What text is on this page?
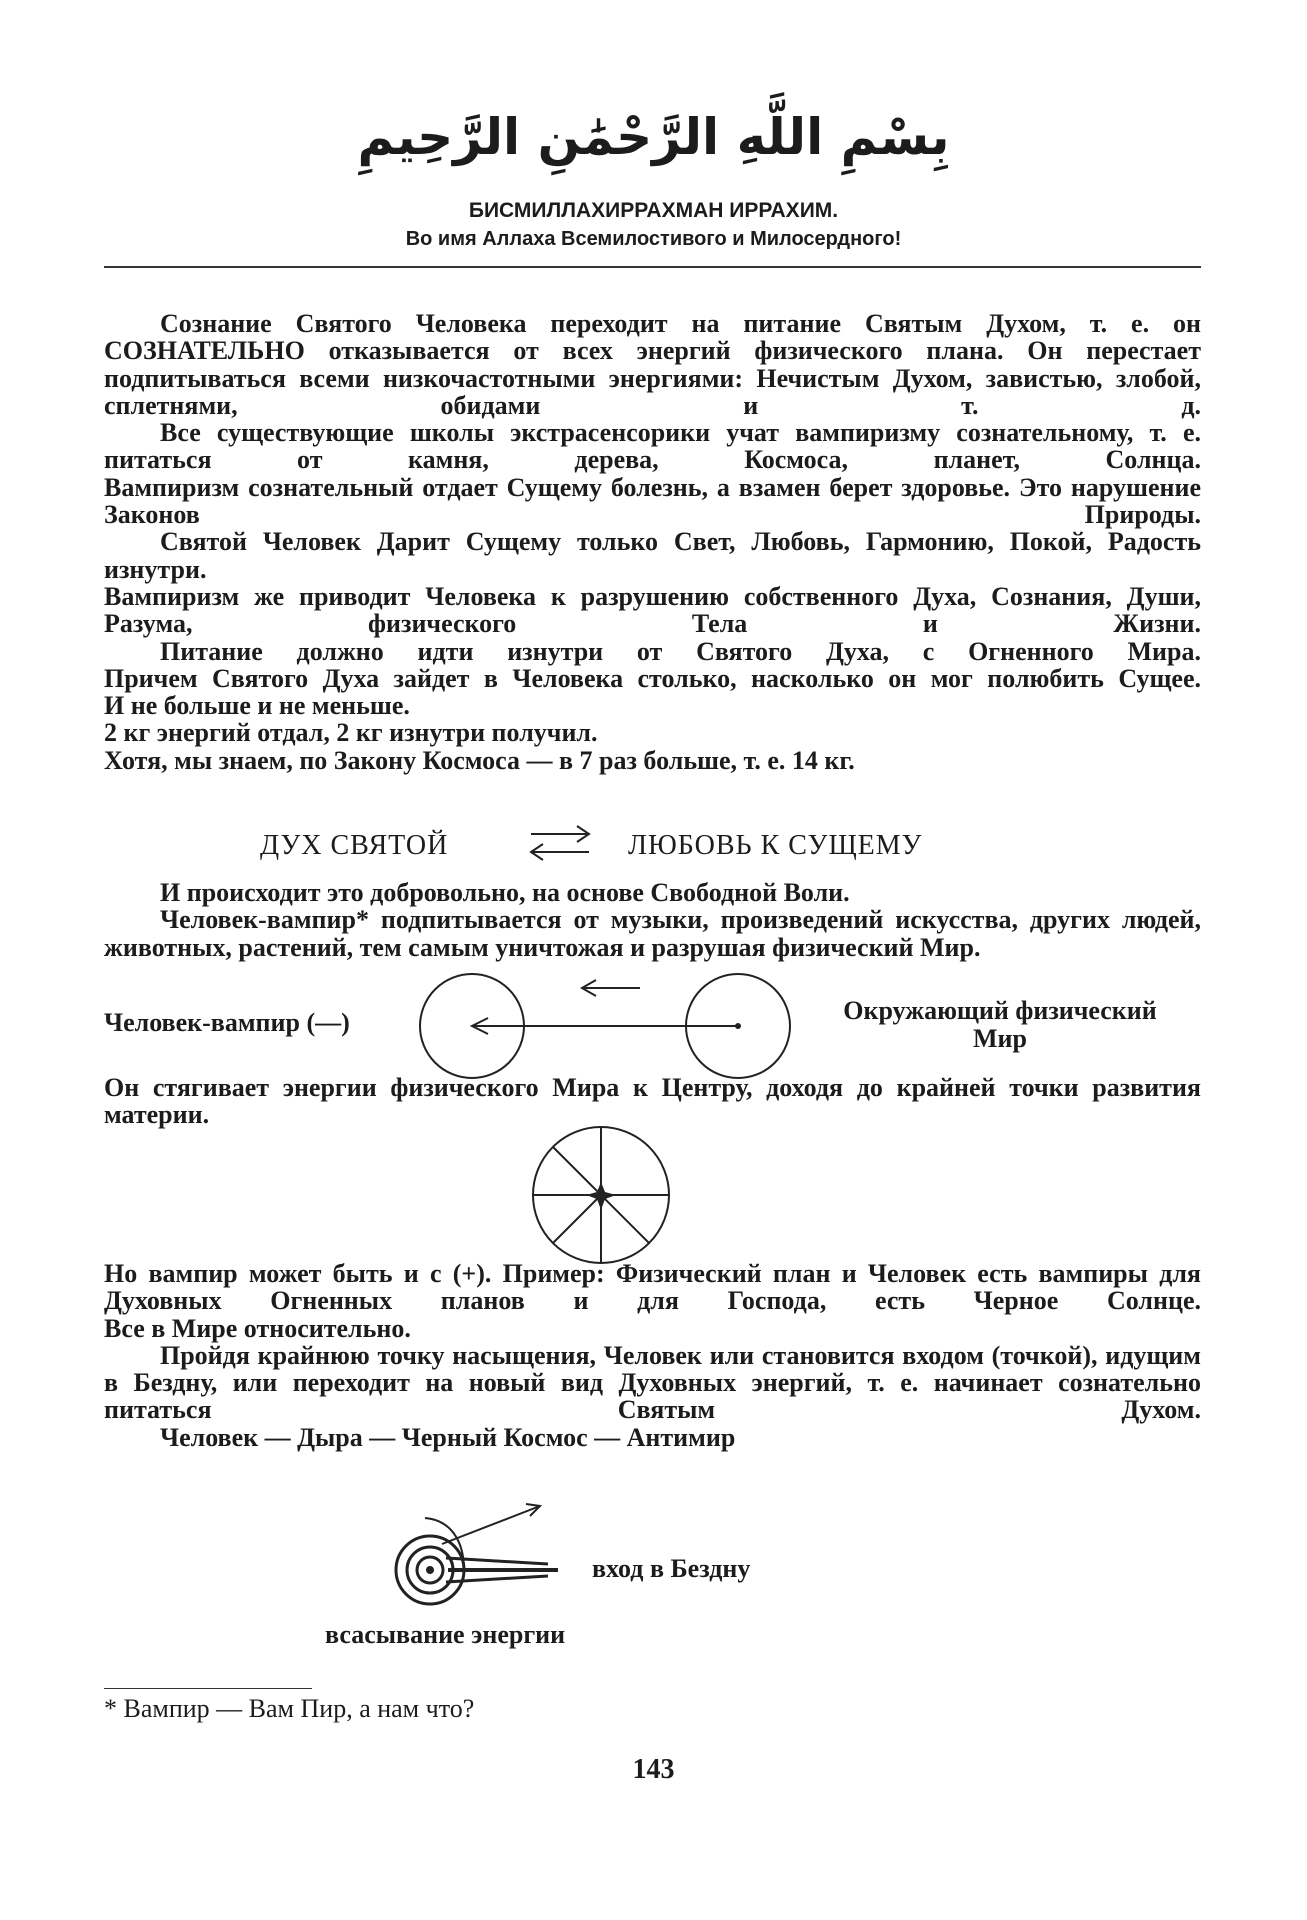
بِسْمِ اللَّهِ الرَّحْمَٰنِ الرَّحِيمِ
БИСМИЛЛАХИРРАХМАН ИРРАХИМ.
Во имя Аллаха Всемилостивого и Милосердного!
Сознание Святого Человека переходит на питание Святым Духом, т. е. он СОЗНАТЕЛЬНО отказывается от всех энергий физического плана. Он перестает подпитываться всеми низкочастотными энергиями: Нечистым Духом, завистью, злобой, сплетнями, обидами и т. д.
Все существующие школы экстрасенсорики учат вампиризму сознательному, т. е. питаться от камня, дерева, Космоса, планет, Солнца.
Вампиризм сознательный отдает Сущему болезнь, а взамен берет здоровье. Это нарушение Законов Природы.
Святой Человек Дарит Сущему только Свет, Любовь, Гармонию, Покой, Радость изнутри.
Вампиризм же приводит Человека к разрушению собственного Духа, Сознания, Души, Разума, физического Тела и Жизни.
Питание должно идти изнутри от Святого Духа, с Огненного Мира.
Причем Святого Духа зайдет в Человека столько, насколько он мог полюбить Сущее.
И не больше и не меньше.
2 кг энергий отдал, 2 кг изнутри получил.
Хотя, мы знаем, по Закону Космоса — в 7 раз больше, т. е. 14 кг.
ДУХ СВЯТОЙ	ЛЮБОВЬ К СУЩЕМУ
И происходит это добровольно, на основе Свободной Воли.
Человек-вампир* подпитывается от музыки, произведений искусства, других людей, животных, растений, тем самым уничтожая и разрушая физический Мир.
Человек-вампир (—)	Окружающий физический
Мир
Он стягивает энергии физического Мира к Центру, доходя до крайней точки развития материи.
Но вампир может быть и с (+). Пример: Физический план и Человек есть вампиры для Духовных Огненных планов и для Господа, есть Черное Солнце.
Все в Мире относительно.
Пройдя крайнюю точку насыщения, Человек или становится входом (точкой), идущим в Бездну, или переходит на новый вид Духовных энергий, т. е. начинает сознательно питаться Святым Духом.
Человек — Дыра — Черный Космос — Антимир
вход в Бездну
всасывание энергии
* Вампир — Вам Пир, а нам что?
143
